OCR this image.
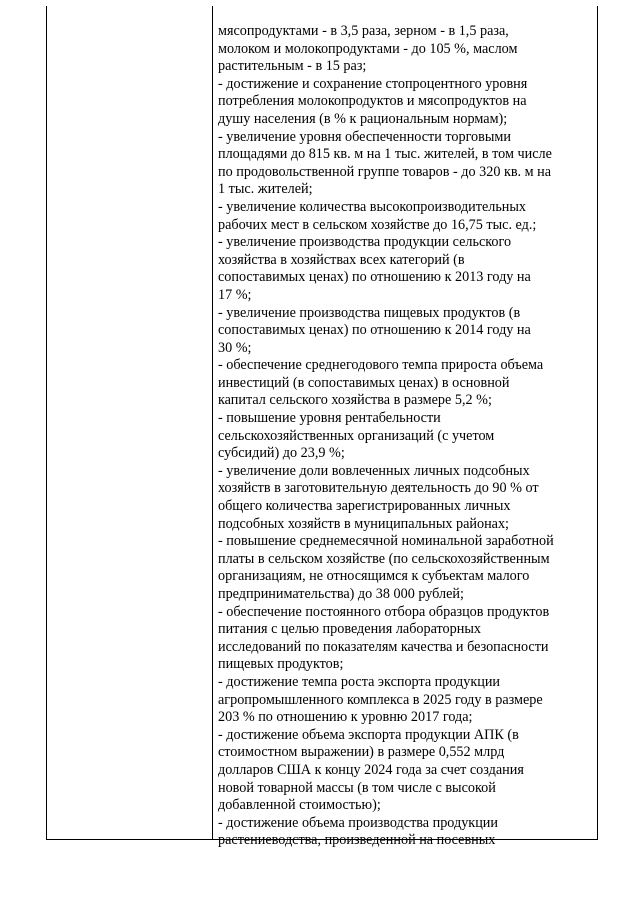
мясопродуктами - в 3,5 раза, зерном - в 1,5 раза,
молоком и молокопродуктами - до 105 %, маслом
растительным - в 15 раз;
- достижение и сохранение стопроцентного уровня
потребления молокопродуктов и мясопродуктов на
душу населения (в % к рациональным нормам);
- увеличение уровня обеспеченности торговыми
площадями до 815 кв. м на 1 тыс. жителей, в том числе
по продовольственной группе товаров - до 320 кв. м на
1 тыс. жителей;
- увеличение количества высокопроизводительных
рабочих мест в сельском хозяйстве до 16,75 тыс. ед.;
- увеличение производства продукции сельского
хозяйства в хозяйствах всех категорий (в
сопоставимых ценах) по отношению к 2013 году на
17 %;
- увеличение производства пищевых продуктов (в
сопоставимых ценах) по отношению к 2014 году на
30 %;
- обеспечение среднегодового темпа прироста объема
инвестиций (в сопоставимых ценах) в основной
капитал сельского хозяйства в размере 5,2 %;
- повышение уровня рентабельности
сельскохозяйственных организаций (с учетом
субсидий) до 23,9 %;
- увеличение доли вовлеченных личных подсобных
хозяйств в заготовительную деятельность до 90 % от
общего количества зарегистрированных личных
подсобных хозяйств в муниципальных районах;
- повышение среднемесячной номинальной заработной
платы в сельском хозяйстве (по сельскохозяйственным
организациям, не относящимся к субъектам малого
предпринимательства) до 38 000 рублей;
- обеспечение постоянного отбора образцов продуктов
питания с целью проведения лабораторных
исследований по показателям качества и безопасности
пищевых продуктов;
- достижение темпа роста экспорта продукции
агропромышленного комплекса в 2025 году в размере
203 % по отношению к уровню 2017 года;
- достижение объема экспорта продукции АПК (в
стоимостном выражении) в размере 0,552 млрд
долларов США к концу 2024 года за счет создания
новой товарной массы (в том числе с высокой
добавленной стоимостью);
- достижение объема производства продукции
растениеводства, произведенной на посевных
